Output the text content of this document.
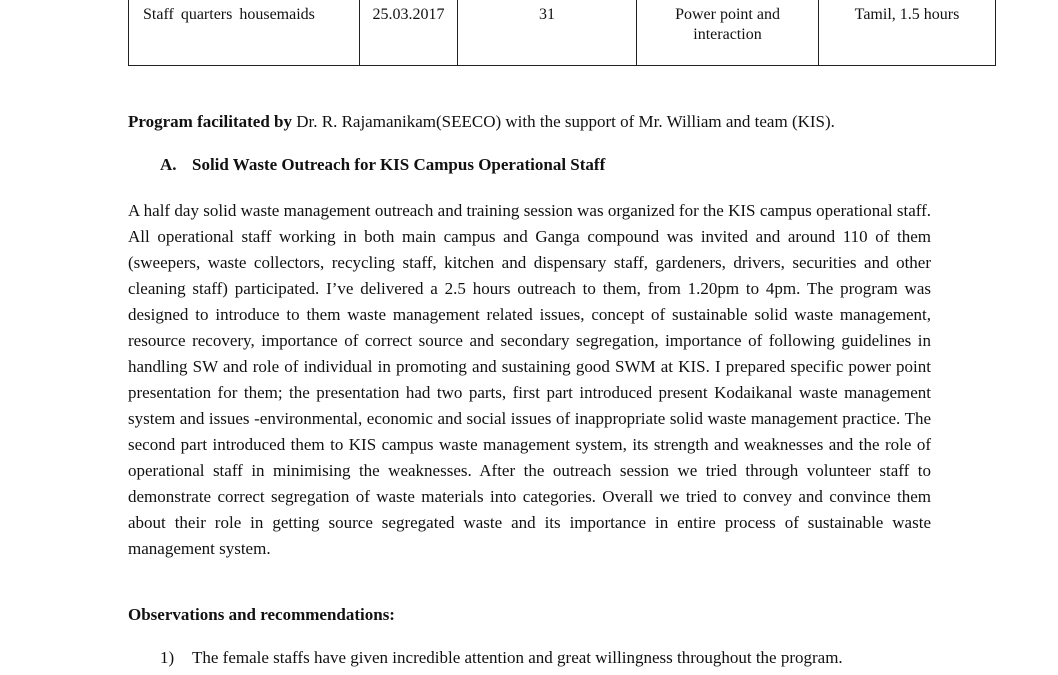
Staff quarters housemaids	25.03.2017	31	Power point and interaction	Tamil, 1.5 hours
Program facilitated by Dr. R. Rajamanikam(SEECO) with the support of Mr. William and team (KIS).
A. Solid Waste Outreach for KIS Campus Operational Staff
A half day solid waste management outreach and training session was organized for the KIS campus operational staff. All operational staff working in both main campus and Ganga compound was invited and around 110 of them (sweepers, waste collectors, recycling staff, kitchen and dispensary staff, gardeners, drivers, securities and other cleaning staff) participated. I’ve delivered a 2.5 hours outreach to them, from 1.20pm to 4pm. The program was designed to introduce to them waste management related issues, concept of sustainable solid waste management, resource recovery, importance of correct source and secondary segregation, importance of following guidelines in handling SW and role of individual in promoting and sustaining good SWM at KIS. I prepared specific power point presentation for them; the presentation had two parts, first part introduced present Kodaikanal waste management system and issues -environmental, economic and social issues of inappropriate solid waste management practice. The second part introduced them to KIS campus waste management system, its strength and weaknesses and the role of operational staff in minimising the weaknesses. After the outreach session we tried through volunteer staff to demonstrate correct segregation of waste materials into categories. Overall we tried to convey and convince them about their role in getting source segregated waste and its importance in entire process of sustainable waste management system.
Observations and recommendations:
1) The female staffs have given incredible attention and great willingness throughout the program.
